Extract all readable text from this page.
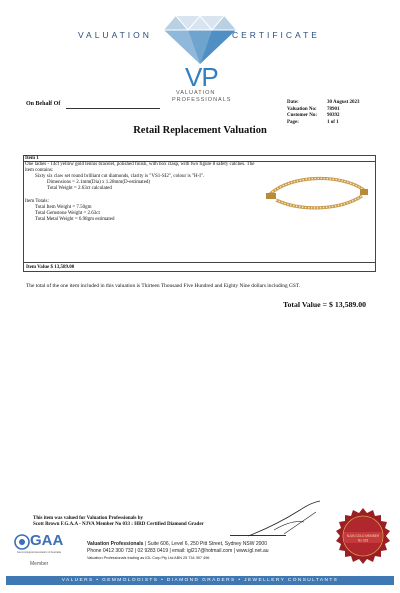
VALUATION	CERTIFICATE
VP
VALUATION
PROFESSIONALS
On Behalf Of	Date:	30 August 2023
Valuation No:	78901
Customer No:	90392
Page:	1 of 1
Retail Replacement Valuation
Item 1
One ladies - 14ct yellow gold tennis bracelet, polished finish, with box clasp, with two figure 8 safety catches. The item contains:
Sixty six claw set round brilliant cut diamonds, clarity is "VS1-SI2", colour is "H-I".
Dimensions = 2.1mm(Dia) x 1.28mm(D-estimated)
Total Weight = 2.63ct calculated
Item Totals:
Total Item Weight = 7.50gm
Total Gemstone Weight = 2.63ct
Total Metal Weight = 6.98gm estimated
Item Value $ 13,589.00
The total of the one item included in this valuation is Thirteen Thousand Five Hundred and Eighty Nine dollars including GST.
Total Value = $ 13,589.00
This item was valued for Valuation Professionals by
Scott Brown F.G.A.A - NJVA Member No 033 : HRD Certified Diamond Grader
GAA
Gemmological Association of Australia
Member
Valuation Professionals | Suite 606, Level 6, 250 Pitt Street, Sydney NSW 2000
Phone 0412 300 732 | 02 9283 0419 | email: igl217@hotmail.com | www.igl.net.au
Valuation Professionals trading as IGL Corp Pty Ltd ABN 25 734 397 496
NJVA GOLD MEMBER
No 033
VALUERS • GEMMOLOGISTS • DIAMOND GRADERS • JEWELLERY CONSULTANTS
